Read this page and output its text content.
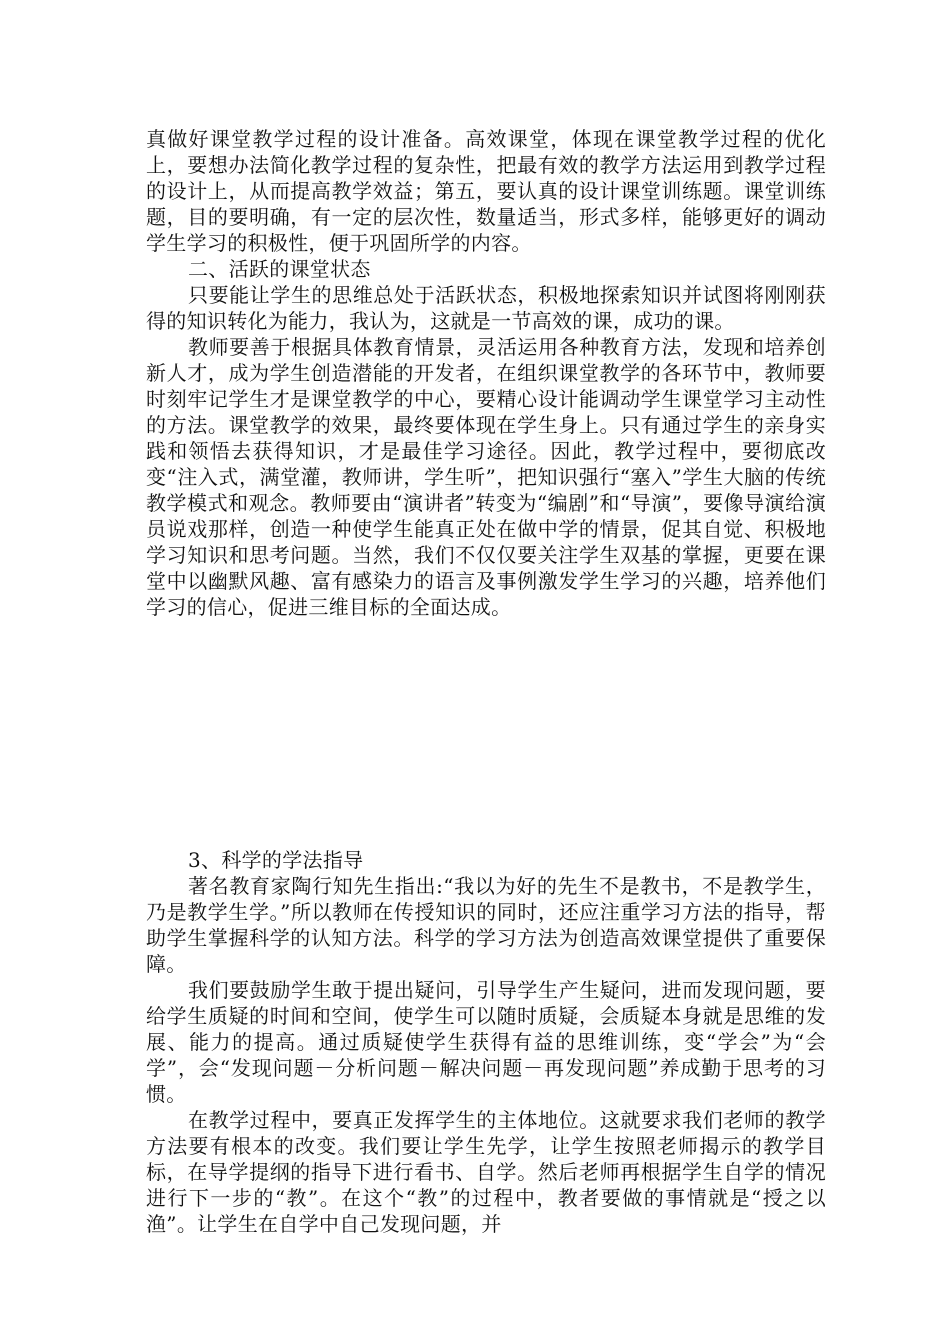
真做好课堂教学过程的设计准备。高效课堂，体现在课堂教学过程的优化上，要想办法简化教学过程的复杂性，把最有效的教学方法运用到教学过程的设计上，从而提高教学效益；第五，要认真的设计课堂训练题。课堂训练题，目的要明确，有一定的层次性，数量适当，形式多样，能够更好的调动学生学习的积极性，便于巩固所学的内容。

二、活跃的课堂状态

只要能让学生的思维总处于活跃状态，积极地探索知识并试图将刚刚获得的知识转化为能力，我认为，这就是一节高效的课，成功的课。

教师要善于根据具体教育情景，灵活运用各种教育方法，发现和培养创新人才，成为学生创造潜能的开发者，在组织课堂教学的各环节中，教师要时刻牢记学生才是课堂教学的中心，要精心设计能调动学生课堂学习主动性的方法。课堂教学的效果，最终要体现在学生身上。只有通过学生的亲身实践和领悟去获得知识，才是最佳学习途径。因此，教学过程中，要彻底改变“注入式，满堂灌，教师讲，学生听”，把知识强行“塞入”学生大脑的传统教学模式和观念。教师要由“演讲者”转变为“编剧”和“导演”，要像导演给演员说戏那样，创造一种使学生能真正处在做中学的情景，促其自觉、积极地学习知识和思考问题。当然，我们不仅仅要关注学生双基的掌握，更要在课堂中以幽默风趣、富有感染力的语言及事例激发学生学习的兴趣，培养他们学习的信心，促进三维目标的全面达成。

3、科学的学法指导

著名教育家陶行知先生指出:“我以为好的先生不是教书，不是教学生，乃是教学生学。”所以教师在传授知识的同时，还应注重学习方法的指导，帮助学生掌握科学的认知方法。科学的学习方法为创造高效课堂提供了重要保障。

我们要鼓励学生敢于提出疑问，引导学生产生疑问，进而发现问题，要给学生质疑的时间和空间，使学生可以随时质疑，会质疑本身就是思维的发展、能力的提高。通过质疑使学生获得有益的思维训练，变“学会”为“会学”，会“发现问题－分析问题－解决问题－再发现问题”养成勤于思考的习惯。

在教学过程中，要真正发挥学生的主体地位。这就要求我们老师的教学方法要有根本的改变。我们要让学生先学，让学生按照老师揭示的教学目标，在导学提纲的指导下进行看书、自学。然后老师再根据学生自学的情况进行下一步的“教”。在这个“教”的过程中，教者要做的事情就是“授之以渔”。让学生在自学中自己发现问题，并
